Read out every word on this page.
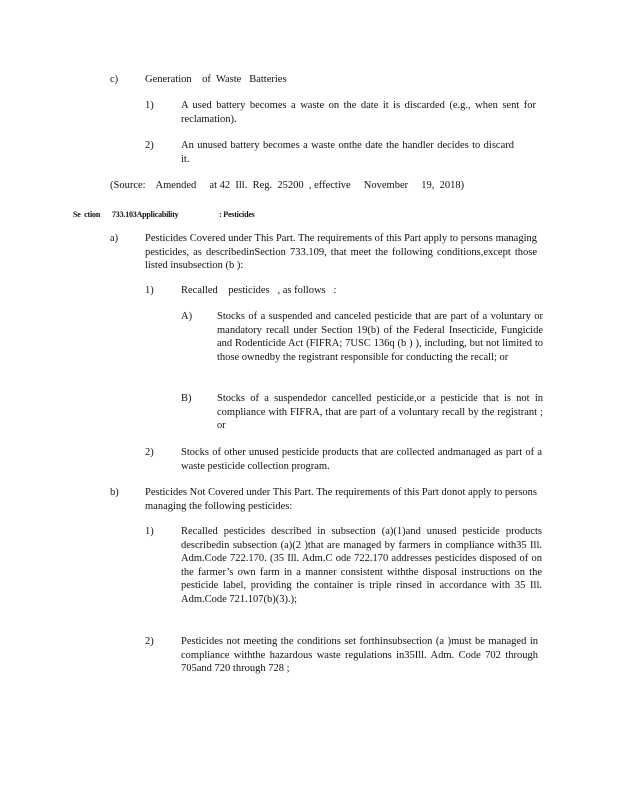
c)	Generation    of  Waste   Batteries
1)	A used battery becomes a waste on the date it is discarded (e.g., when sent for reclamation).
2)	An unused battery becomes a waste onthe date the handler decides to discard it.
(Source:    Amended     at 42  Ill.  Reg.  25200  , effective     November     19,  2018)
Se  ction 733.103Applicability	: Pesticides
a)	Pesticides Covered under This Part. The requirements of this Part apply to persons managing pesticides, as describedinSection 733.109, that meet the following conditions,except those listed insubsection (b ):
1)	Recalled    pesticides   , as follows   :
A) Stocks of a suspended and canceled pesticide that are part of a voluntary or mandatory recall under Section 19(b) of the Federal Insecticide, Fungicide and Rodenticide Act (FIFRA; 7USC 136q (b ) ), including, but not limited to those ownedby the registrant responsible for conducting the recall; or
B) Stocks of a suspendedor cancelled pesticide,or a pesticide that is not in compliance with FIFRA, that are part of a voluntary recall by the registrant ; or
2)	Stocks of other unused pesticide products that are collected andmanaged as part of a waste pesticide collection program.
b)	Pesticides Not Covered under This Part. The requirements of this Part donot apply to persons managing the following pesticides:
1)	Recalled pesticides described in subsection (a)(1)and unused pesticide products describedin subsection (a)(2 )that are managed by farmers in compliance with35 Ill. Adm.Code 722.170. (35 Ill. Adm.C ode 722.170 addresses pesticides disposed of on the farmer’s own farm in a manner consistent withthe disposal instructions on the pesticide label, providing the container is triple rinsed in accordance with 35 Ill. Adm.Code 721.107(b)(3).);
2)	Pesticides not meeting the conditions set forthinsubsection (a )must be managed in compliance withthe hazardous waste regulations in35Ill. Adm. Code 702 through 705and 720 through 728 ;
